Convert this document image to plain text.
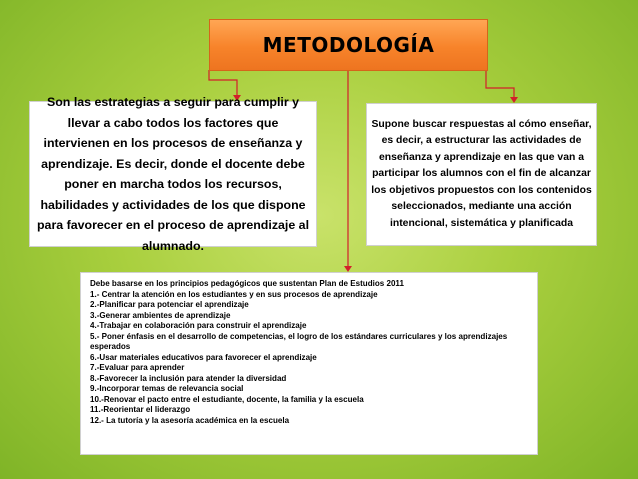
METODOLOGÍA
Son las estrategias a seguir para cumplir y llevar a cabo todos los factores que intervienen en los procesos de enseñanza y aprendizaje. Es decir, donde el docente debe poner en marcha todos los recursos, habilidades y actividades de los que dispone para favorecer en el proceso de aprendizaje al alumnado.
Supone buscar respuestas al cómo enseñar, es decir, a estructurar las actividades de enseñanza y aprendizaje en las que van a participar los alumnos con el fin de alcanzar los objetivos propuestos con los contenidos seleccionados, mediante una acción intencional, sistemática y planificada
Debe basarse en los principios pedagógicos que sustentan Plan de Estudios 2011
1.- Centrar la atención en los estudiantes y en sus procesos de aprendizaje
2.-Planificar para potenciar el aprendizaje
3.-Generar ambientes de aprendizaje
4.-Trabajar en colaboración para construir el aprendizaje
5.- Poner énfasis en el desarrollo de competencias, el logro de los estándares curriculares y los aprendizajes esperados
6.-Usar materiales educativos para favorecer el aprendizaje
7.-Evaluar para aprender
8.-Favorecer la inclusión para atender la diversidad
9.-Incorporar temas de relevancia social
10.-Renovar el pacto entre el estudiante, docente, la familia y la escuela
11.-Reorientar el liderazgo
12.- La tutoría y la asesoría académica en la escuela
